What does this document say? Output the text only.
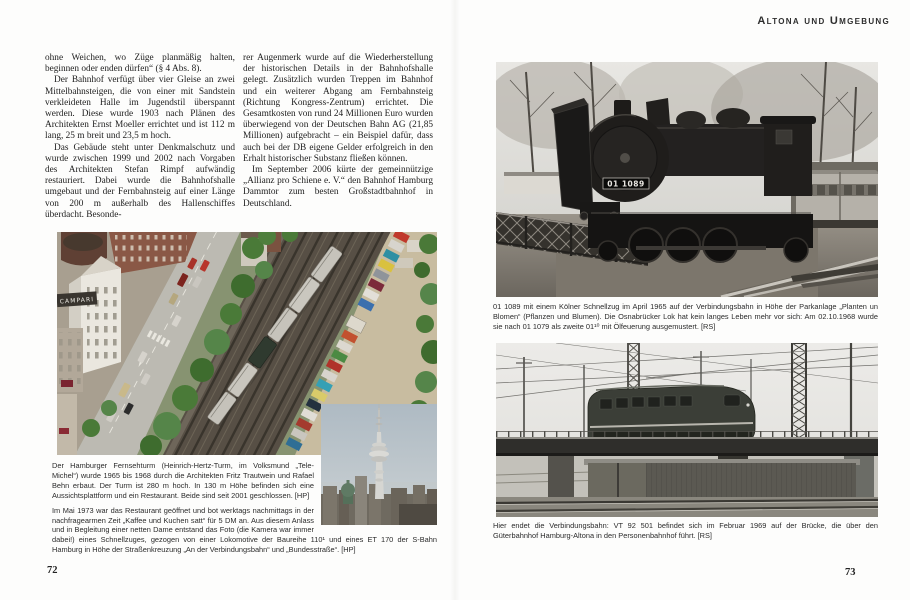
ohne Weichen, wo Züge planmäßig halten, beginnen oder enden dürfen“ (§ 4 Abs. 8).

Der Bahnhof verfügt über vier Gleise an zwei Mittelbahnsteigen, die von einer mit Sandstein verkleideten Halle im Jugendstil überspannt werden. Diese wurde 1903 nach Plänen des Architekten Ernst Moeller errichtet und ist 112 m lang, 25 m breit und 23,5 m hoch.

Das Gebäude steht unter Denkmalschutz und wurde zwischen 1999 und 2002 nach Vorgaben des Architekten Stefan Rimpf aufwändig restauriert. Dabei wurde die Bahnhofshalle umgebaut und der Fernbahnsteig auf einer Länge von 200 m außerhalb des Hallenschiffes überdacht. Besonde-

rer Augenmerk wurde auf die Wiederherstellung der historischen Details in der Bahnhofshalle gelegt. Zusätzlich wurden Treppen im Bahnhof und ein weiterer Abgang am Fernbahnsteig (Richtung Kongress-Zentrum) errichtet. Die Gesamtkosten von rund 24 Millionen Euro wurden überwiegend von der Deutschen Bahn AG (21,85 Millionen) aufgebracht – ein Beispiel dafür, dass auch bei der DB eigene Gelder erfolgreich in den Erhalt historischer Substanz fließen können.

Im September 2006 kürte der gemeinnützige „Allianz pro Schiene e. V.“ den Bahnhof Hamburg Dammtor zum besten Großstadtbahnhof in Deutschland.

CAMPARI

Der Hamburger Fernsehturm (Heinrich-Hertz-Turm, im Volksmund „Tele-Michel“) wurde 1965 bis 1968 durch die Architekten Fritz Trautwein und Rafael Behn erbaut. Der Turm ist 280 m hoch. In 130 m Höhe befinden sich eine Aussichtsplattform und ein Restaurant. Beide sind seit 2001 geschlossen. [HP]

Im Mai 1973 war das Restaurant geöffnet und bot werktags nachmittags in der nachfragearmen Zeit „Kaffee und Kuchen satt“ für 5 DM an. Aus diesem Anlass und in Begleitung einer netten Dame entstand das Foto (die Kamera war immer dabei!) eines Schnellzuges, gezogen von einer Lokomotive der Baureihe 110¹ und eines ET 170 der S-Bahn Hamburg in Höhe der Straßenkreuzung „An der Verbindungsbahn“ und „Bundesstraße“. [HP]

72
Altona und Umgebung
01 1089

01 1089 mit einem Kölner Schnellzug im April 1965 auf der Verbindungsbahn in Höhe der Parkanlage „Planten un Blomen“ (Pflanzen und Blumen). Die Osnabrücker Lok hat kein langes Leben mehr vor sich: Am 02.10.1968 wurde sie nach 01 1079 als zweite 01¹⁰ mit Ölfeuerung ausgemustert. [RS]

Hier endet die Verbindungsbahn: VT 92 501 befindet sich im Februar 1969 auf der Brücke, die über den Güterbahnhof Hamburg-Altona in den Personenbahnhof führt. [RS]

73
